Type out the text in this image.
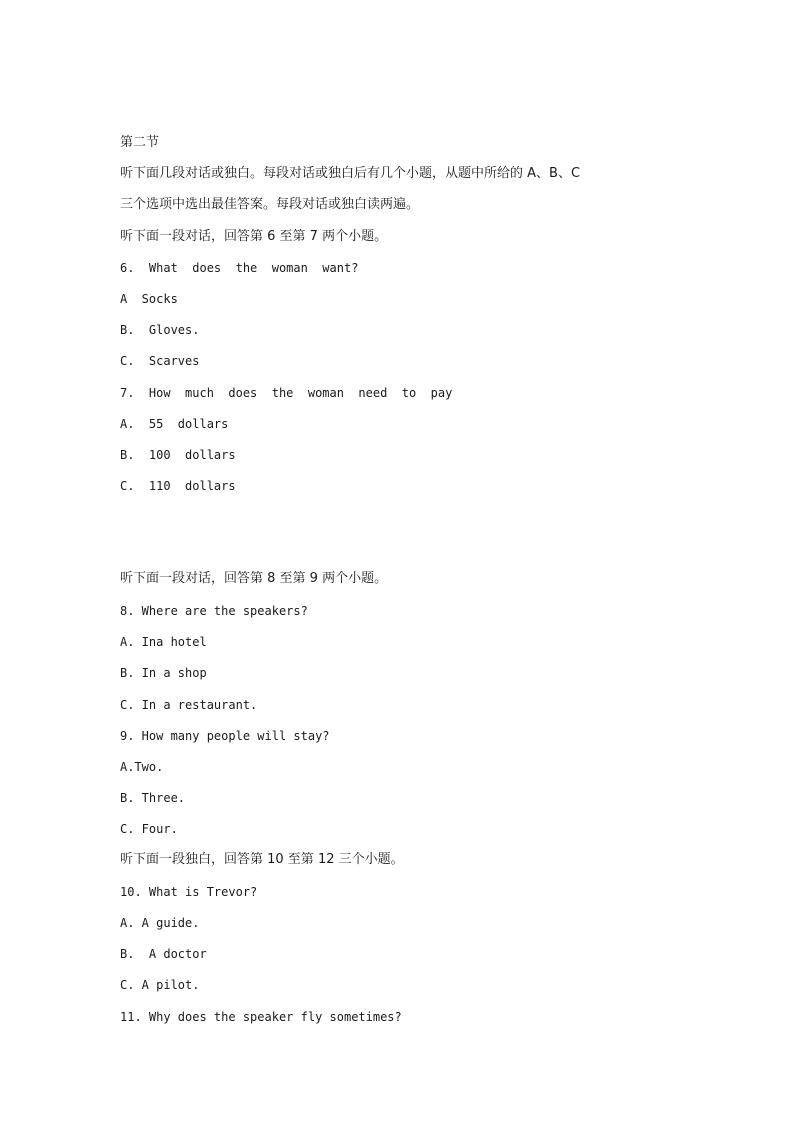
第二节
听下面几段对话或独白。每段对话或独白后有几个小题，从题中所给的 A、B、C
三个选项中选出最佳答案。每段对话或独白读两遍。
听下面一段对话，回答第 6 至第 7 两个小题。
6.  What  does  the  woman  want?
A  Socks
B.  Gloves.
C.  Scarves
7.  How  much  does  the  woman  need  to  pay
A.  55  dollars
B.  100  dollars
C.  110  dollars
听下面一段对话，回答第 8 至第 9 两个小题。
8. Where are the speakers?
A. Ina hotel
B. In a shop
C. In a restaurant.
9. How many people will stay?
A.Two.
B. Three.
C. Four.
听下面一段独白，回答第 10 至第 12 三个小题。
10. What is Trevor?
A. A guide.
B.  A doctor
C. A pilot.
11. Why does the speaker fly sometimes?
